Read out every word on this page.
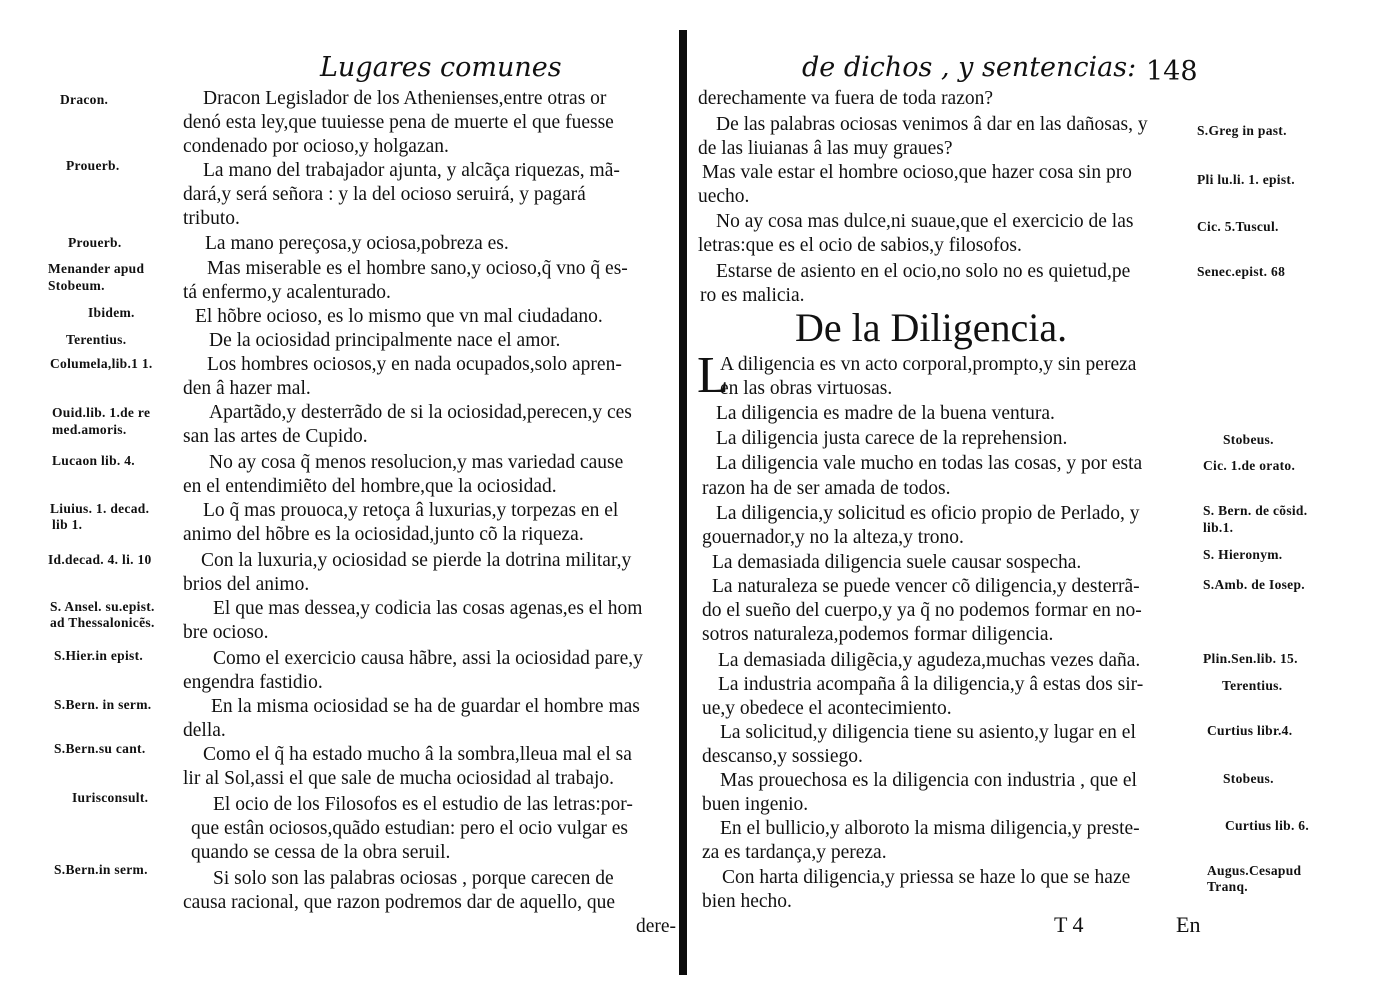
Lugares comunes
Dracon Legislador de los Athenienses,entre otras or
denó esta ley,que tuuiesse pena de muerte el que fuesse
condenado por ocioso,y holgazan.
La mano del trabajador ajunta, y alcãça riquezas, mã-
dará,y será señora : y la del ocioso seruirá, y pagará
tributo.
La mano pereçosa,y ociosa,pobreza es.
Mas miserable es el hombre sano,y ocioso,q̃ vno q̃ es-
tá enfermo,y acalenturado.
El hõbre ocioso, es lo mismo que vn mal ciudadano.
De la ociosidad principalmente nace el amor.
Los hombres ociosos,y en nada ocupados,solo apren-
den â hazer mal.
Apartãdo,y desterrãdo de si la ociosidad,perecen,y ces
san las artes de Cupido.
No ay cosa q̃ menos resolucion,y mas variedad cause
en el entendimiẽto del hombre,que la ociosidad.
Lo q̃ mas prouoca,y retoça â luxurias,y torpezas en el
animo del hõbre es la ociosidad,junto cõ la riqueza.
Con la luxuria,y ociosidad se pierde la dotrina militar,y
brios del animo.
El que mas dessea,y codicia las cosas agenas,es el hom
bre ocioso.
Como el exercicio causa hãbre, assi la ociosidad pare,y
engendra fastidio.
En la misma ociosidad se ha de guardar el hombre mas
della.
Como el q̃ ha estado mucho â la sombra,lleua mal el sa
lir al Sol,assi el que sale de mucha ociosidad al trabajo.
El ocio de los Filosofos es el estudio de las letras:por-
que estân ociosos,quãdo estudian: pero el ocio vulgar es
quando se cessa de la obra seruil.
Si solo son las palabras ociosas , porque carecen de
causa racional, que razon podremos dar de aquello, que
dere-
Dracon.
Prouerb.
Prouerb.
Menander apud
Stobeum.
Ibidem.
Terentius.
Columela,lib.1 1.
Ouid.lib. 1.de re
med.amoris.
Lucaon lib. 4.
Liuius. 1. decad.
lib 1.
Id.decad. 4. li. 10
S. Ansel. su.epist.
ad Thessalonicẽs.
S.Hier.in epist.
S.Bern. in serm.
S.Bern.su cant.
Iurisconsult.
S.Bern.in serm.
de dichos , y sentencias: 148
derechamente va fuera de toda razon?
De las palabras ociosas venimos â dar en las dañosas, y
de las liuianas â las muy graues?
Mas vale estar el hombre ocioso,que hazer cosa sin pro
uecho.
No ay cosa mas dulce,ni suaue,que el exercicio de las
letras:que es el ocio de sabios,y filosofos.
Estarse de asiento en el ocio,no solo no es quietud,pe
ro es malicia.
De la Diligencia.
L
A diligencia es vn acto corporal,prompto,y sin pereza
en las obras virtuosas.
La diligencia es madre de la buena ventura.
La diligencia justa carece de la reprehension.
La diligencia vale mucho en todas las cosas, y por esta
razon ha de ser amada de todos.
La diligencia,y solicitud es oficio propio de Perlado, y
gouernador,y no la alteza,y trono.
La demasiada diligencia suele causar sospecha.
La naturaleza se puede vencer cõ diligencia,y desterrã-
do el sueño del cuerpo,y ya q̃ no podemos formar en no-
sotros naturaleza,podemos formar diligencia.
La demasiada diligẽcia,y agudeza,muchas vezes daña.
La industria acompaña â la diligencia,y â estas dos sir-
ue,y obedece el acontecimiento.
La solicitud,y diligencia tiene su asiento,y lugar en el
descanso,y sossiego.
Mas prouechosa es la diligencia con industria , que el
buen ingenio.
En el bullicio,y alboroto la misma diligencia,y preste-
za es tardança,y pereza.
Con harta diligencia,y priessa se haze lo que se haze
bien hecho.
S.Greg in past.
Pli lu.li. 1. epist.
Cic. 5.Tuscul.
Senec.epist. 68
Stobeus.
Cic. 1.de orato.
S. Bern. de cõsid.
lib.1.
S. Hieronym.
S.Amb. de Iosep.
Plin.Sen.lib. 15.
Terentius.
Curtius libr.4.
Stobeus.
Curtius lib. 6.
Augus.Cesapud
Tranq.
T 4	En
